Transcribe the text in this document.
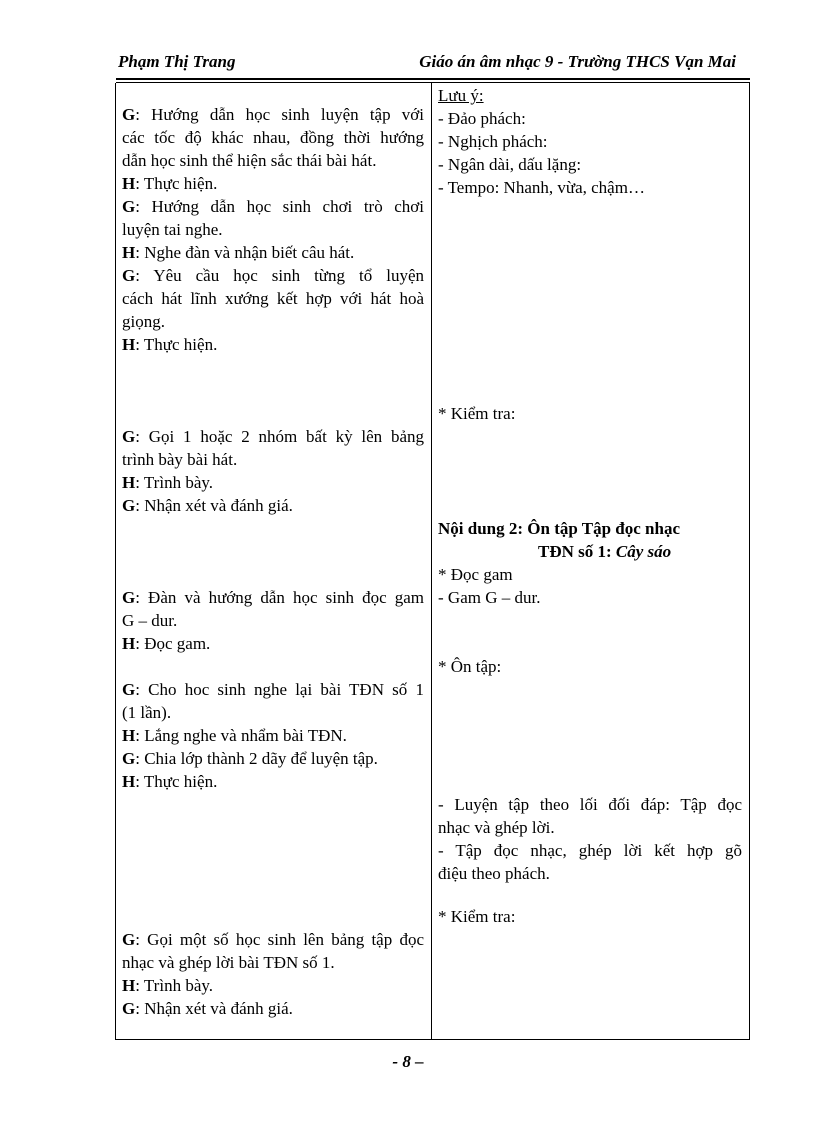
Phạm Thị Trang	Giáo án âm nhạc 9 - Trường THCS Vạn Mai
G: Hướng dẫn học sinh luyện tập với
các tốc độ khác nhau, đồng thời hướng
dẫn học sinh thể hiện sắc thái bài hát.
H: Thực hiện.
G: Hướng dẫn học sinh chơi trò chơi
luyện tai nghe.
H: Nghe đàn và nhận biết câu hát.
G: Yêu cầu học sinh từng tổ luyện
cách hát lĩnh xướng kết hợp với hát hoà
giọng.
H: Thực hiện.
G: Gọi 1 hoặc 2 nhóm bất kỳ lên bảng
trình bày bài hát.
H: Trình bày.
G: Nhận xét và đánh giá.
G: Đàn và hướng dẫn học sinh đọc gam
G – dur.
H: Đọc gam.
G: Cho hoc sinh nghe lại bài TĐN số 1
(1 lần).
H: Lắng nghe và nhẩm bài TĐN.
G: Chia lớp thành 2 dãy để luyện tập.
H: Thực hiện.
G: Gọi một số học sinh lên bảng tập đọc
nhạc và ghép lời bài TĐN số 1.
H: Trình bày.
G: Nhận xét và đánh giá.
Lưu ý:
- Đảo phách:
- Nghịch phách:
- Ngân dài, dấu lặng:
- Tempo: Nhanh, vừa, chậm…
* Kiểm tra:
Nội dung 2: Ôn tập Tập đọc nhạc
TĐN số 1: Cây sáo
* Đọc gam
- Gam G – dur.
* Ôn tập:
- Luyện tập theo lối đối đáp: Tập đọc
nhạc và ghép lời.
- Tập đọc nhạc, ghép lời kết hợp gõ
điệu theo phách.
* Kiểm tra:
- 8 –
